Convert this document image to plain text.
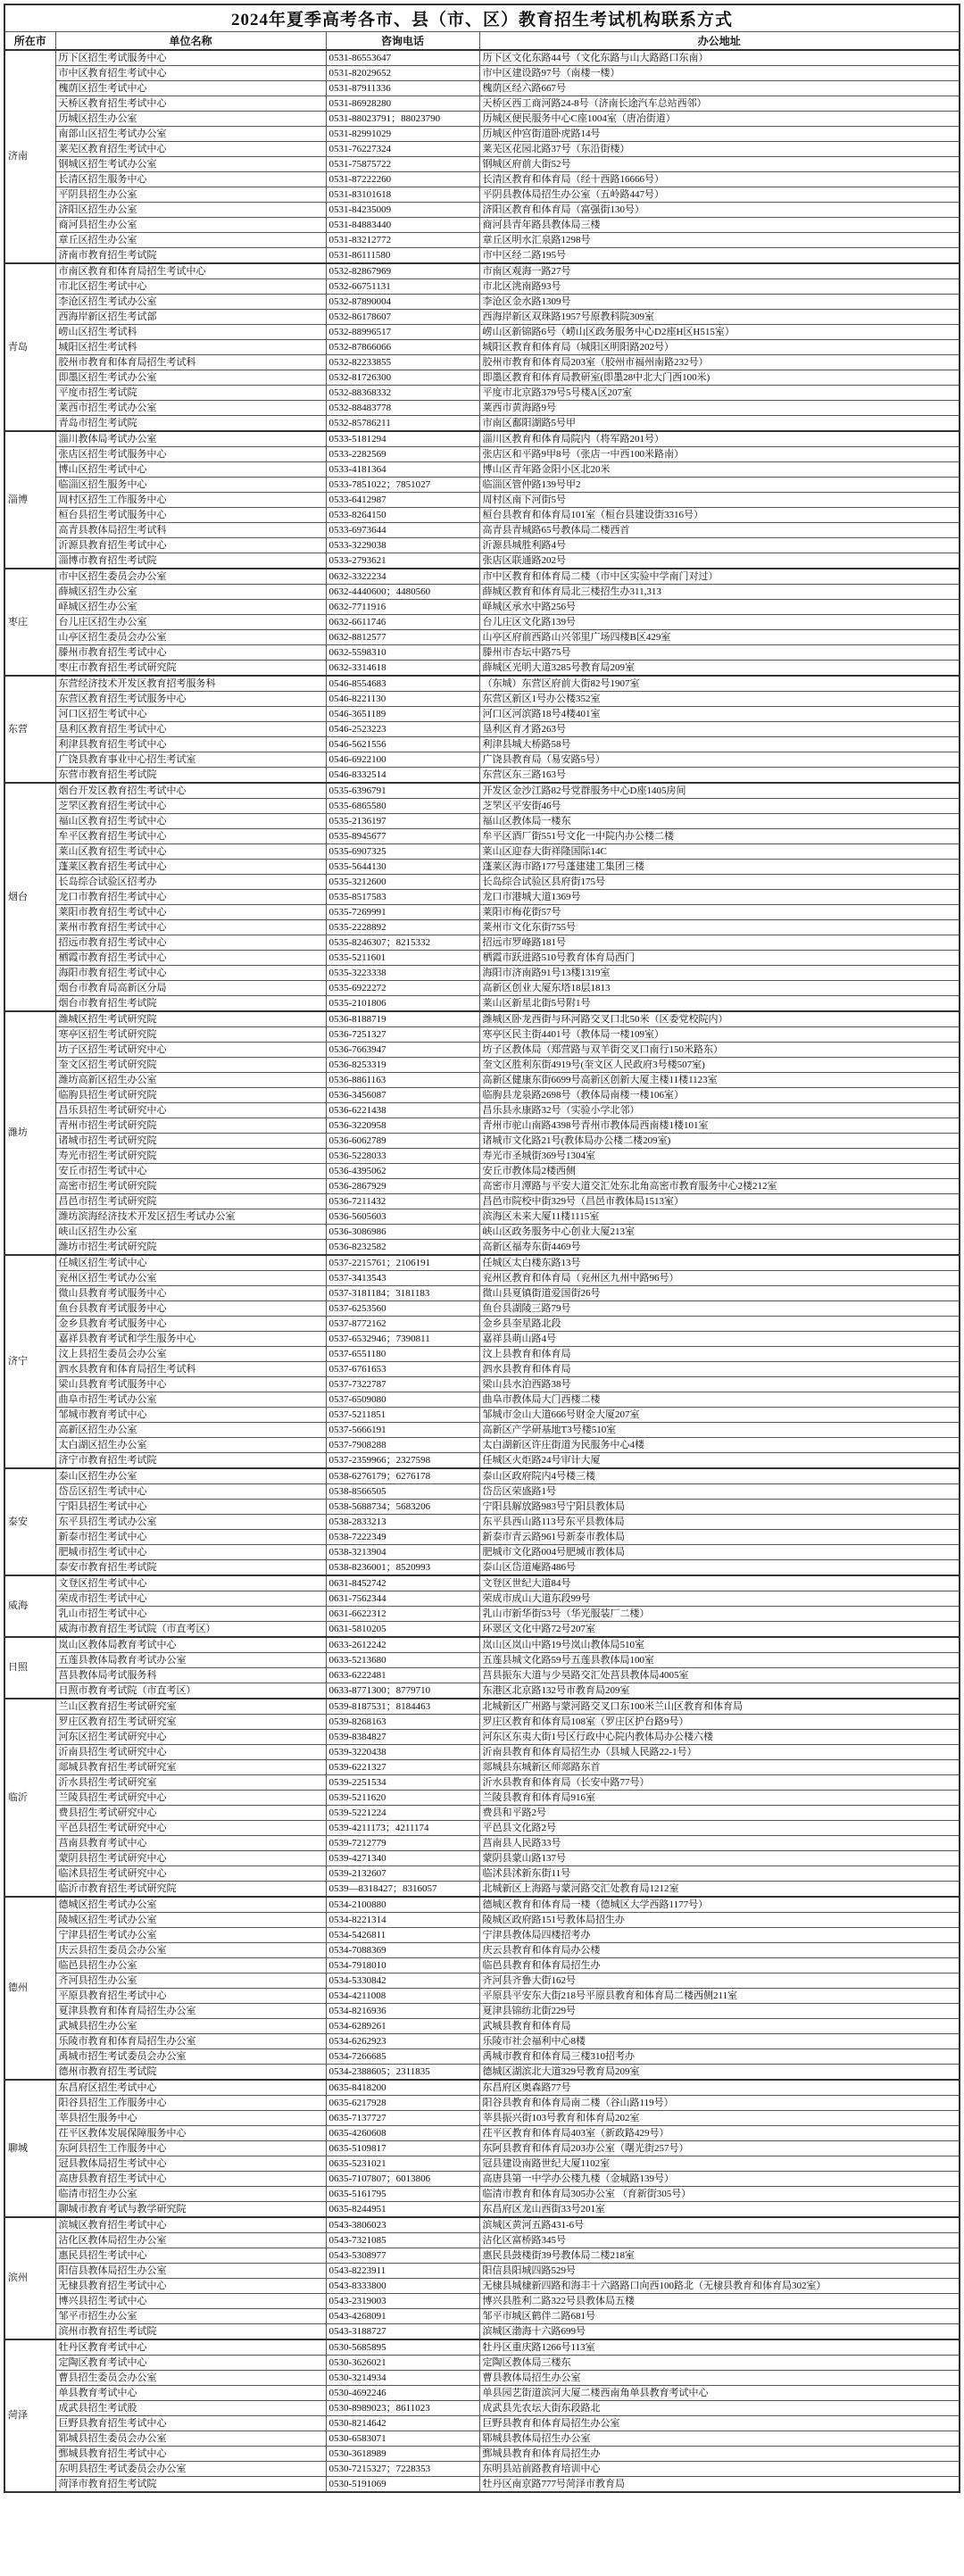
2024年夏季高考各市、县（市、区）教育招生考试机构联系方式			
所在市	单位名称	咨询电话	办公地址
济南	历下区招生考试服务中心	0531-86553647	历下区文化东路44号（文化东路与山大路路口东南）
	市中区教育招生考试中心	0531-82029652	市中区建设路97号（南楼一楼）
	槐荫区招生考试中心	0531-87911336	槐荫区经六路667号
	天桥区教育招生考试中心	0531-86928280	天桥区西工商河路24-8号（济南长途汽车总站西邻）
	历城区招生办公室	0531-88023791；88023790	历城区便民服务中心C座1004室（唐冶街道）
	南部山区招生考试办公室	0531-82991029	历城区仲宫街道卧虎路14号
	莱芜区教育招生考试中心	0531-76227324	莱芜区花园北路37号（东沿街楼）
	钢城区招生考试办公室	0531-75875722	钢城区府前大街52号
	长清区招生服务中心	0531-87222260	长清区教育和体育局（经十西路16666号）
	平阴县招生办公室	0531-83101618	平阴县教体局招生办公室（五岭路447号）
	济阳区招生办公室	0531-84235009	济阳区教育和体育局（富强街130号）
	商河县招生办公室	0531-84883440	商河县青年路县教体局三楼
	章丘区招生办公室	0531-83212772	章丘区明水汇泉路1298号
	济南市教育招生考试院	0531-86111580	市中区经二路195号
青岛	市南区教育和体育局招生考试中心	0532-82867969	市南区观海一路27号
	市北区招生考试中心	0532-66751131	市北区洮南路93号
	李沧区招生考试办公室	0532-87890004	李沧区金水路1309号
	西海岸新区招生考试部	0532-86178607	西海岸新区双珠路1957号原教科院309室
	崂山区招生考试科	0532-88996517	崂山区新锦路6号（崂山区政务服务中心D2座H区H515室）
	城阳区招生考试科	0532-87866066	城阳区教育和体育局（城阳区明阳路202号）
	胶州市教育和体育局招生考试科	0532-82233855	胶州市教育和体育局203室（胶州市福州南路232号）
	即墨区招生考试办公室	0532-81726300	即墨区教育和体育局教研室(即墨28中北大门西100米)
	平度市招生考试院	0532-88368332	平度市北京路379号5号楼A区207室
	莱西市招生考试办公室	0532-88483778	莱西市黄海路9号
	青岛市招生考试院	0532-85786211	市南区鄱阳湖路5号甲
淄博	淄川教体局考试办公室	0533-5181294	淄川区教育和体育局院内（将军路201号）
	张店区招生考试服务中心	0533-2282569	张店区和平路9甲8号（张店一中西100米路南）
	博山区招生考试中心	0533-4181364	博山区青年路金阳小区北20米
	临淄区招生服务中心	0533-7851022；7851027	临淄区管仲路139号甲2
	周村区招生工作服务中心	0533-6412987	周村区南下河街5号
	桓台县招生考试服务中心	0533-8264150	桓台县教育和体育局101室（桓台县建设街3316号）
	高青县教体局招生考试科	0533-6973644	高青县青城路65号教体局二楼西首
	沂源县教育招生考试中心	0533-3229038	沂源县城胜利路4号
	淄博市教育招生考试院	0533-2793621	张店区联通路202号
枣庄	市中区招生委员会办公室	0632-3322234	市中区教育和体育局二楼（市中区实验中学南门对过）
	薛城区招生办公室	0632-4440600；4480560	薛城区教育和体育局北三楼招生办311,313
	峄城区招生办公室	0632-7711916	峄城区承水中路256号
	台儿庄区招生办公室	0632-6611746	台儿庄区文化路139号
	山亭区招生委员会办公室	0632-8812577	山亭区府前西路山兴邻里广场四楼B区429室
	滕州市教育招生考试中心	0632-5598310	滕州市杏坛中路75号
	枣庄市教育招生考试研究院	0632-3314618	薛城区光明大道3285号教育局209室
东营	东营经济技术开发区教育招考服务科	0546-8554683	（东城）东营区府前大街82号1907室
	东营区教育招生考试服务中心	0546-8221130	东营区新区1号办公楼352室
	河口区招生考试中心	0546-3651189	河口区河滨路18号4楼401室
	垦利区教育招生考试中心	0546-2523223	垦利区育才路263号
	利津县教育招生考试中心	0546-5621556	利津县城大桥路58号
	广饶县教育事业中心招生考试室	0546-6922100	广饶县教育局（易安路5号）
	东营市教育招生考试院	0546-8332514	东营区东三路163号
烟台	烟台开发区教育招生考试中心	0535-6396791	开发区金沙江路82号党群服务中心D座1405房间
	芝罘区教育招生考试中心	0535-6865580	芝罘区平安街46号
	福山区教育招生考试中心	0535-2136197	福山区教体局一楼东
	牟平区教育招生考试中心	0535-8945677	牟平区酒厂街551号文化一中院内办公楼二楼
	莱山区教育招生考试中心	0535-6907325	莱山区迎春大街祥隆国际14C
	蓬莱区教育招生考试中心	0535-5644130	蓬莱区海市路177号蓬建建工集团三楼
	长岛综合试验区招考办	0535-3212600	长岛综合试验区县府街175号
	龙口市教育招生考试中心	0535-8517583	龙口市港城大道1369号
	莱阳市教育招生考试中心	0535-7269991	莱阳市梅花街57号
	莱州市教育招生考试中心	0535-2228892	莱州市文化东街755号
	招远市教育招生考试中心	0535-8246307；8215332	招远市罗峰路181号
	栖霞市教育招生考试中心	0535-5211601	栖霞市跃进路510号教育体育局西门
	海阳市教育招生考试中心	0535-3223338	海阳市济南路91号13楼1319室
	烟台市教育局高新区分局	0535-6922272	高新区创业大厦东塔18层1813
	烟台市教育招生考试院	0535-2101806	莱山区新星北街5号附1号
潍坊	潍城区招生考试研究院	0536-8188719	潍城区卧龙西街与环河路交叉口北50米（区委党校院内）
	寒亭区招生考试研究院	0536-7251327	寒亭区民主街4401号（教体局一楼109室）
	坊子区招生考试研究中心	0536-7663947	坊子区教体局（郑营路与双羊街交叉口南行150米路东）
	奎文区招生考试研究院	0536-8253319	奎文区胜利东街4919号(奎文区人民政府3号楼507室)
	潍坊高新区招生办公室	0536-8861163	高新区健康东街6699号高新区创新大厦主楼11楼1123室
	临朐县招生考试研究院	0536-3456087	临朐县龙泉路2698号（教体局南楼一楼106室）
	昌乐县招生考试研究中心	0536-6221438	昌乐县永康路32号（实验小学北邻）
	青州市招生考试研究院	0536-3220958	青州市驼山南路4398号青州市教体局西南楼1楼101室
	诸城市招生考试研究院	0536-6062789	诸城市文化路21号(教体局办公楼二楼209室)
	寿光市招生考试研究院	0536-5228033	寿光市圣城街369号1304室
	安丘市招生考试中心	0536-4395062	安丘市教体局2楼西侧
	高密市招生考试研究院	0536-2867929	高密市月潭路与平安大道交汇处东北角高密市教育服务中心2楼212室
	昌邑市招生考试研究院	0536-7211432	昌邑市院校中街329号（昌邑市教体局1513室）
	潍坊滨海经济技术开发区招生考试办公室	0536-5605603	滨海区未来大厦11楼1115室
	峡山区招生办公室	0536-3086986	峡山区政务服务中心创业大厦213室
	潍坊市招生考试研究院	0536-8232582	高新区福寿东街4469号
济宁	任城区招生考试中心	0537-2215761；2106191	任城区太白楼东路13号
	兖州区招生考试办公室	0537-3413543	兖州区教育和体育局（兖州区九州中路96号）
	微山县教育考试服务中心	0537-3181184；3181183	微山县夏镇街道爱国街26号
	鱼台县教育考试服务中心	0537-6253560	鱼台县湖陵三路79号
	金乡县教育考试服务中心	0537-8772162	金乡县奎星路北段
	嘉祥县教育考试和学生服务中心	0537-6532946；7390811	嘉祥县萌山路4号
	汶上县招生委员会办公室	0537-6551180	汶上县教育和体育局
	泗水县教育和体育局招生考试科	0537-6761653	泗水县教育和体育局
	梁山县教育考试服务中心	0537-7322787	梁山县水泊西路38号
	曲阜市招生考试办公室	0537-6509080	曲阜市教体局大门西楼二楼
	邹城市教育考试中心	0537-5211851	邹城市金山大道666号财金大厦207室
	高新区招生办公室	0537-5666191	高新区产学研基地T3号楼510室
	太白湖区招生办公室	0537-7908288	太白湖新区许庄街道为民服务中心4楼
	济宁市教育招生考试院	0537-2359966；2327598	任城区火炬路24号审计大厦
泰安	泰山区招生办公室	0538-6276179；6276178	泰山区政府院内4号楼三楼
	岱岳区招生考试中心	0538-8566505	岱岳区荣盛路1号
	宁阳县招生考试中心	0538-5688734；5683206	宁阳县解放路983号宁阳县教体局
	东平县招生考试办公室	0538-2833213	东平县西山路113号东平县教体局
	新泰市招生考试中心	0538-7222349	新泰市青云路961号新泰市教体局
	肥城市招生考试中心	0538-3213904	肥城市文化路004号肥城市教体局
	泰安市教育招生考试院	0538-8236001；8520993	泰山区岱道庵路486号
威海	文登区招生考试中心	0631-8452742	文登区世纪大道84号
	荣成市招生考试中心	0631-7562344	荣成市成山大道东段99号
	乳山市招生考试中心	0631-6622312	乳山市新华街53号（华光服装厂二楼）
	威海市教育招生考试院（市直考区）	0631-5810205	环翠区文化中路72号207室
日照	岚山区教体局教育考试中心	0633-2612242	岚山区岚山中路19号岚山教体局510室
	五莲县教体局教育考试办公室	0633-5213680	五莲县城文化路59号五莲县教体局100室
	莒县教体局考试服务科	0633-6222481	莒县振东大道与少昊路交汇处莒县教体局4005室
	日照市教育考试院（市直考区）	0633-8771300；8779710	东港区北京路132号市教育局209室
临沂	兰山区教育招生考试研究室	0539-8187531；8184463	北城新区广州路与蒙河路交叉口东100米兰山区教育和体育局
	罗庄区教育招生考试研究室	0539-8268163	罗庄区教育和体育局108室（罗庄区护台路9号）
	河东区招生考试研究中心	0539-8384827	河东区东夷大街1号区行政中心院内教体局办公楼六楼
	沂南县招生考试研究中心	0539-3220438	沂南县教育和体育局招生办（县城人民路22-1号）
	郯城县教育招生考试研究室	0539-6221327	郯城县东城新区师郯路东首
	沂水县招生考试研究室	0539-2251534	沂水县教育和体育局（长安中路77号）
	兰陵县招生考试研究中心	0539-5211620	兰陵县教育和体育局916室
	费县招生考试研究中心	0539-5221224	费县和平路2号
	平邑县招生考试研究中心	0539-4211173；4211174	平邑县文化路2号
	莒南县教育考试中心	0539-7212779	莒南县人民路33号
	蒙阴县招生考试研究中心	0539-4271340	蒙阴县蒙山路137号
	临沭县招生考试研究中心	0539-2132607	临沭县沭新东街11号
	临沂市教育招生考试研究院	0539—8318427；8316057	北城新区上海路与蒙河路交汇处教育局1212室
德州	德城区招生考试办公室	0534-2100880	德城区教育和体育局一楼（德城区大学西路1177号）
	陵城区招生考试办公室	0534-8221314	陵城区政府路151号教体局招生办
	宁津县招生考试办公室	0534-5426811	宁津县教体局四楼招考办
	庆云县招生委员会办公室	0534-7088369	庆云县教育和体育局办公楼
	临邑县招生办公室	0534-7918010	临邑县教育和体育局招生办
	齐河县招生办公室	0534-5330842	齐河县齐鲁大街162号
	平原县教育招生考试中心	0534-4211008	平原县平安东大街218号平原县教育和体育局二楼西侧211室
	夏津县教育和体育局招生办公室	0534-8216936	夏津县锦纺北街229号
	武城县招生办公室	0534-6289261	武城县教育和体育局
	乐陵市教育和体育局招生办公室	0534-6262923	乐陵市社会福利中心8楼
	禹城市招生考试委员会办公室	0534-7266685	禹城市教育和体育局三楼310招考办
	德州市教育招生考试院	0534-2388605；2311835	德城区湖滨北大道329号教育局209室
聊城	东昌府区招生考试中心	0635-8418200	东昌府区奥森路77号
	阳谷县招生工作服务中心	0635-6217928	阳谷县教育和体育局南二楼（谷山路119号）
	莘县招生服务中心	0635-7137727	莘县振兴街103号教育和体育局202室
	茌平区教体发展保障服务中心	0635-4260608	茌平区教育和体育局403室（新政路429号）
	东阿县招生工作服务中心	0635-5109817	东阿县教育和体育局203办公室（曙光街257号）
	冠县教体局招生考试中心	0635-5231021	冠县建设南路世纪大厦1102室
	高唐县教育招生考试中心	0635-7107807；6013806	高唐县第一中学办公楼九楼（金城路139号）
	临清市招生办公室	0635-5161795	临清市教育和体育局305办公室 （育新街305号）
	聊城市教育考试与教学研究院	0635-8244951	东昌府区龙山西街33号201室
滨州	滨城区教育招生考试中心	0543-3806023	滨城区黄河五路431-6号
	沾化区教体局招生办公室	0543-7321085	沾化区富桥路345号
	惠民县招生考试中心	0543-5308977	惠民县鼓楼街39号教体局二楼218室
	阳信县教体局招生办公室	0543-8223911	阳信县阳城四路529号
	无棣县教育招生考试中心	0543-8333800	无棣县城棣新四路和海丰十六路路口向西100路北（无棣县教育和体育局302室）
	博兴县招生考试中心	0543-2319003	博兴县胜利二路322号县教体局五楼
	邹平市招生办公室	0543-4268091	邹平市城区鹤伴二路681号
	滨州市教育招生考试院	0543-3188727	滨城区渤海十六路699号
菏泽	牡丹区教育考试中心	0530-5685895	牡丹区重庆路1266号113室
	定陶区教育考试中心	0530-3626021	定陶区教体局三楼东
	曹县招生委员会办公室	0530-3214934	曹县教体局招生办公室
	单县教育考试中心	0530-4692246	单县园艺街道滨河大厦二楼西南角单县教育考试中心
	成武县招生考试股	0530-8989023；8611023	成武县先农坛大街东段路北
	巨野县教育招生考试中心	0530-8214642	巨野县教育和体育局招生办公室
	郓城县招生委员会办公室	0530-6583071	郓城县教体局招生办公室
	鄄城县教育招生考试中心	0530-3618989	鄄城县教育和体育局招生办
	东明县招生考试委员会办公室	0530-7215327；7228353	东明县站前路教育培训中心
	菏泽市教育招生考试院	0530-5191069	牡丹区南京路777号菏泽市教育局
